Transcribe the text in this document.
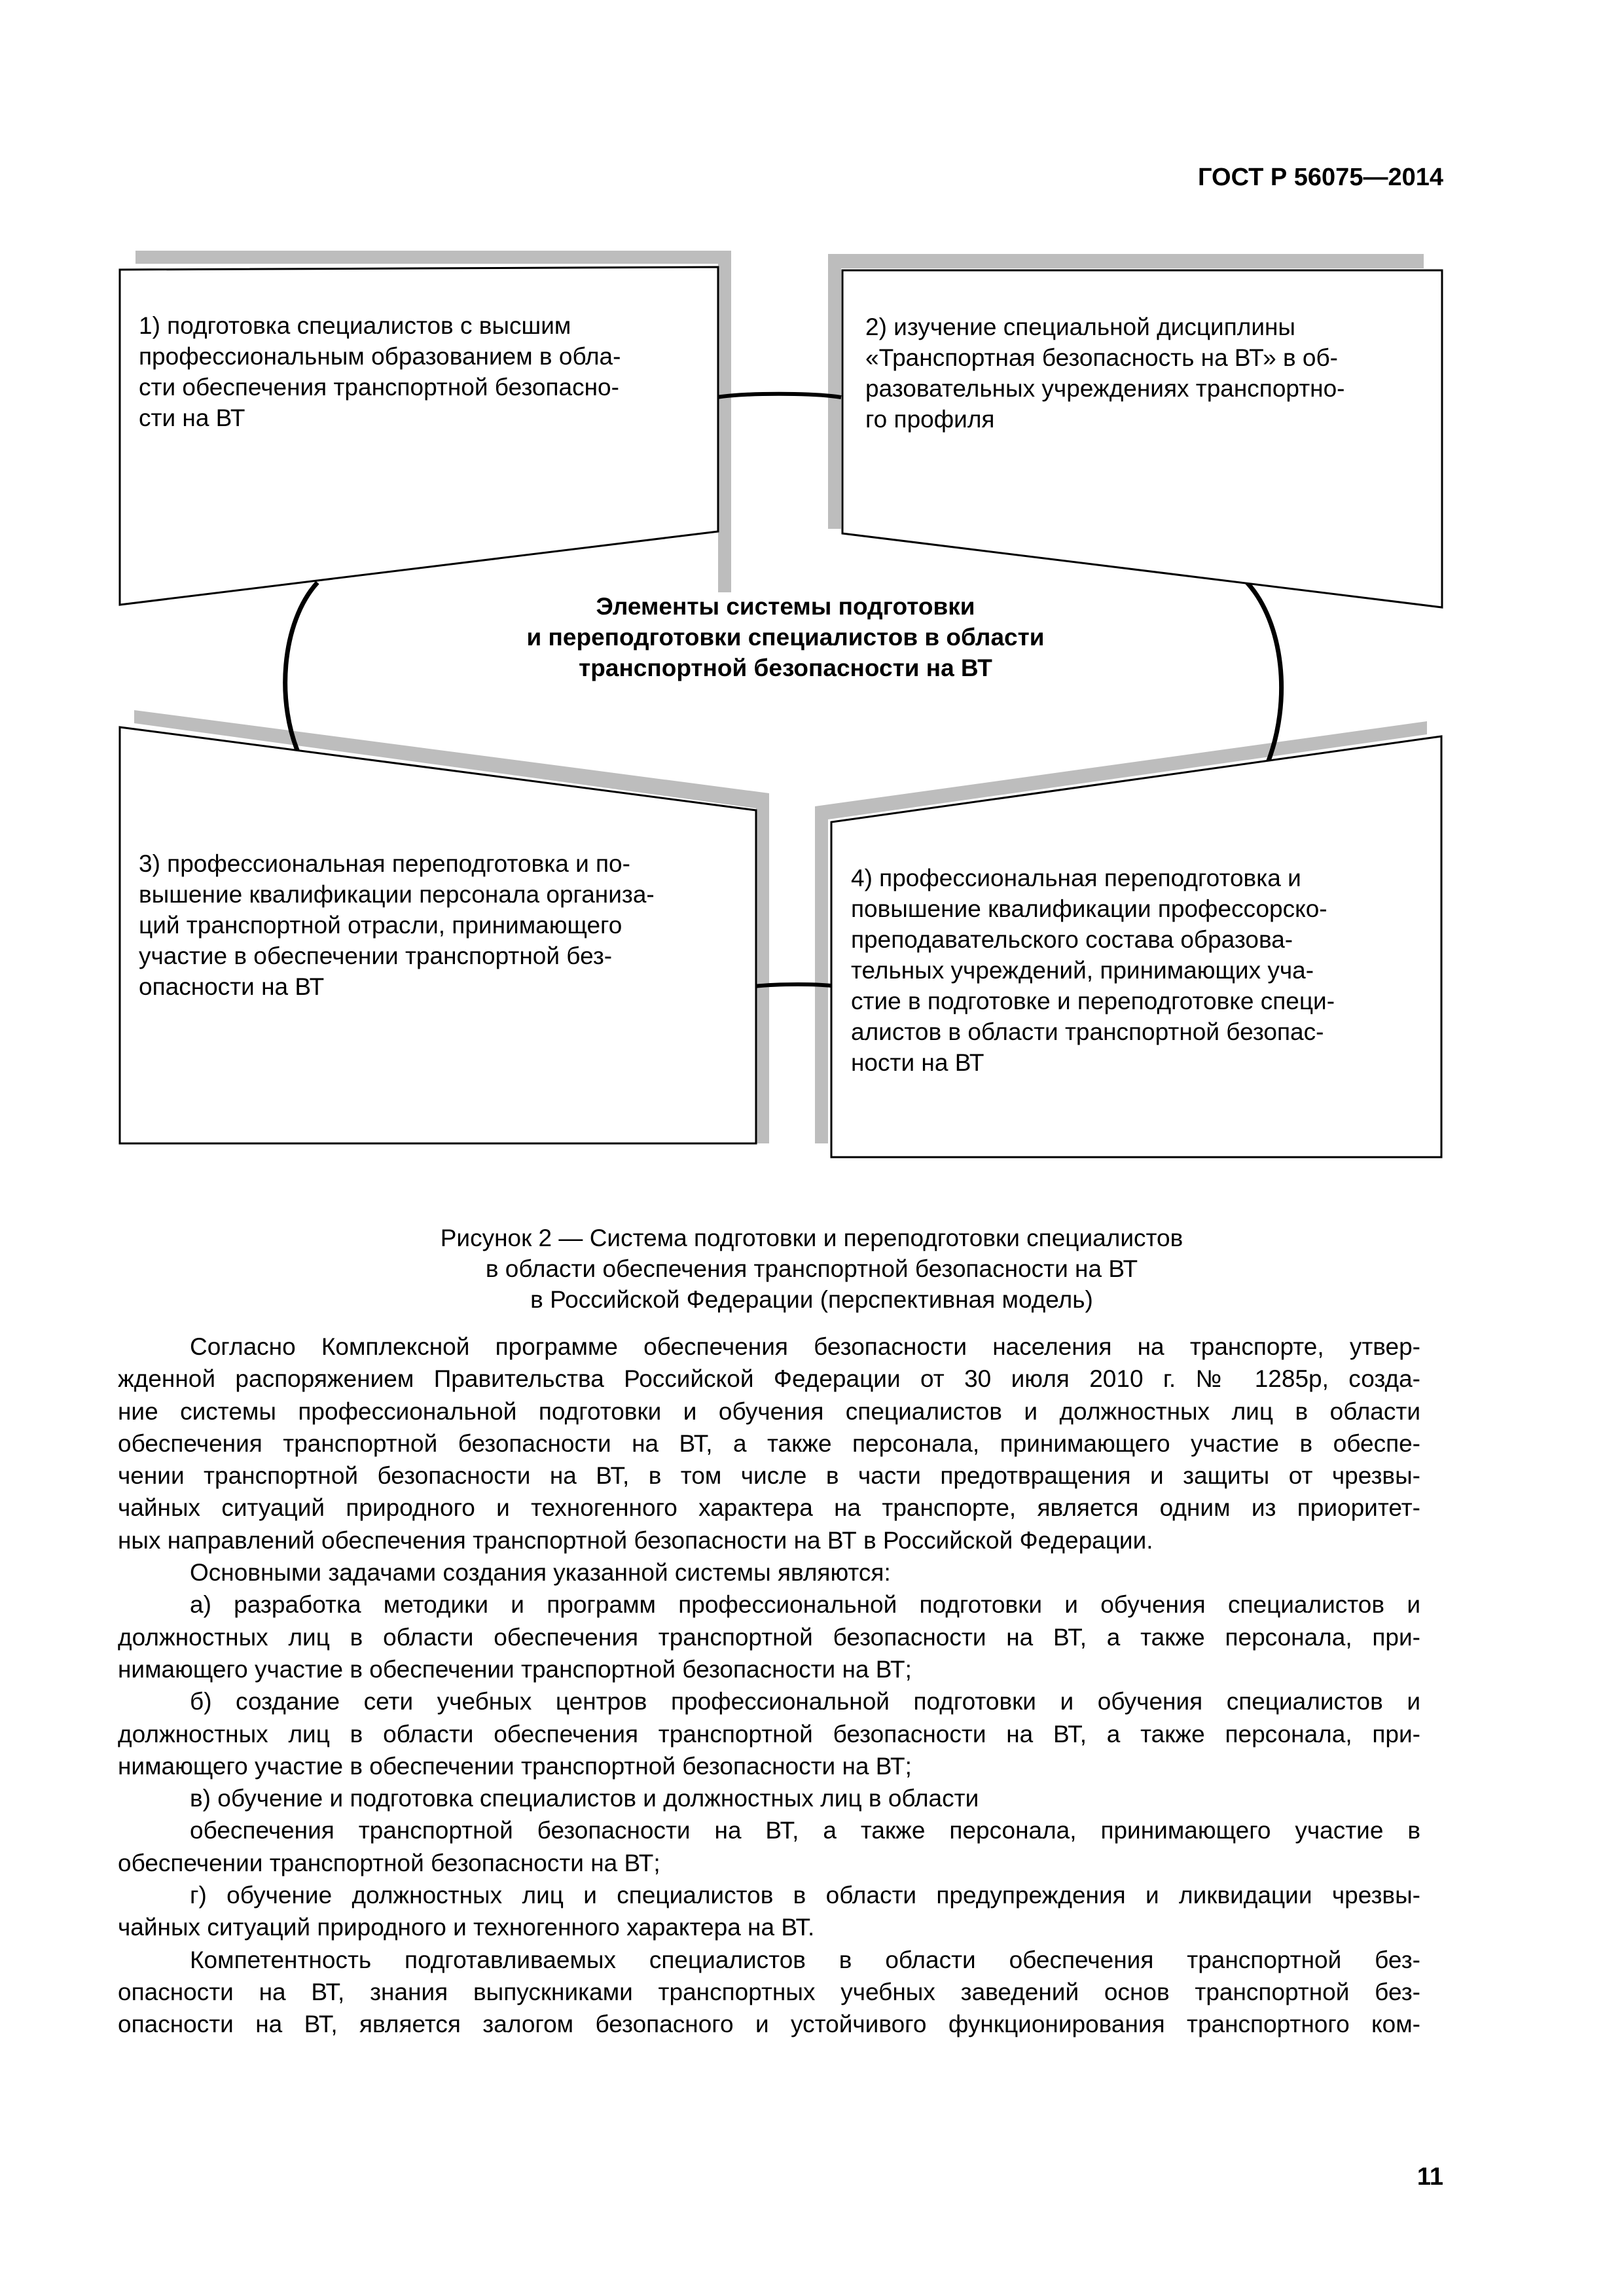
ГОСТ Р 56075—2014
1) подготовка специалистов с высшим
профессиональным образованием в обла-
сти обеспечения транспортной безопасно-
сти на ВТ
2) изучение специальной дисциплины
«Транспортная безопасность на ВТ» в об-
разовательных учреждениях транспортно-
го профиля
Элементы системы подготовки
и переподготовки специалистов в области
транспортной безопасности на ВТ
3) профессиональная переподготовка и по-
вышение квалификации персонала организа-
ций транспортной отрасли, принимающего
участие в обеспечении транспортной без-
опасности на ВТ
4) профессиональная переподготовка и
повышение квалификации профессорско-
преподавательского состава образова-
тельных учреждений, принимающих уча-
стие в подготовке и переподготовке специ-
алистов в области транспортной безопас-
ности на ВТ
Рисунок 2 — Система подготовки и переподготовки специалистов
в области обеспечения транспортной безопасности на ВТ
в Российской Федерации (перспективная модель)
Согласно Комплексной программе обеспечения безопасности населения на транспорте, утвер-
жденной распоряжением Правительства Российской Федерации от 30 июля 2010 г. № 1285р, созда-
ние системы профессиональной подготовки и обучения специалистов и должностных лиц в области
обеспечения транспортной безопасности на ВТ, а также персонала, принимающего участие в обеспе-
чении транспортной безопасности на ВТ, в том числе в части предотвращения и защиты от чрезвы-
чайных ситуаций природного и техногенного характера на транспорте, является одним из приоритет-
ных направлений обеспечения транспортной безопасности на ВТ в Российской Федерации.
Основными задачами создания указанной системы являются:
а) разработка методики и программ профессиональной подготовки и обучения специалистов и
должностных лиц в области обеспечения транспортной безопасности на ВТ, а также персонала, при-
нимающего участие в обеспечении транспортной безопасности на ВТ;
б) создание сети учебных центров профессиональной подготовки и обучения специалистов и
должностных лиц в области обеспечения транспортной безопасности на ВТ, а также персонала, при-
нимающего участие в обеспечении транспортной безопасности на ВТ;
в) обучение и подготовка специалистов и должностных лиц в области
обеспечения транспортной безопасности на ВТ, а также персонала, принимающего участие в
обеспечении транспортной безопасности на ВТ;
г) обучение должностных лиц и специалистов в области предупреждения и ликвидации чрезвы-
чайных ситуаций природного и техногенного характера на ВТ.
Компетентность подготавливаемых специалистов в области обеспечения транспортной без-
опасности на ВТ, знания выпускниками транспортных учебных заведений основ транспортной без-
опасности на ВТ, является залогом безопасного и устойчивого функционирования транспортного ком-
11
